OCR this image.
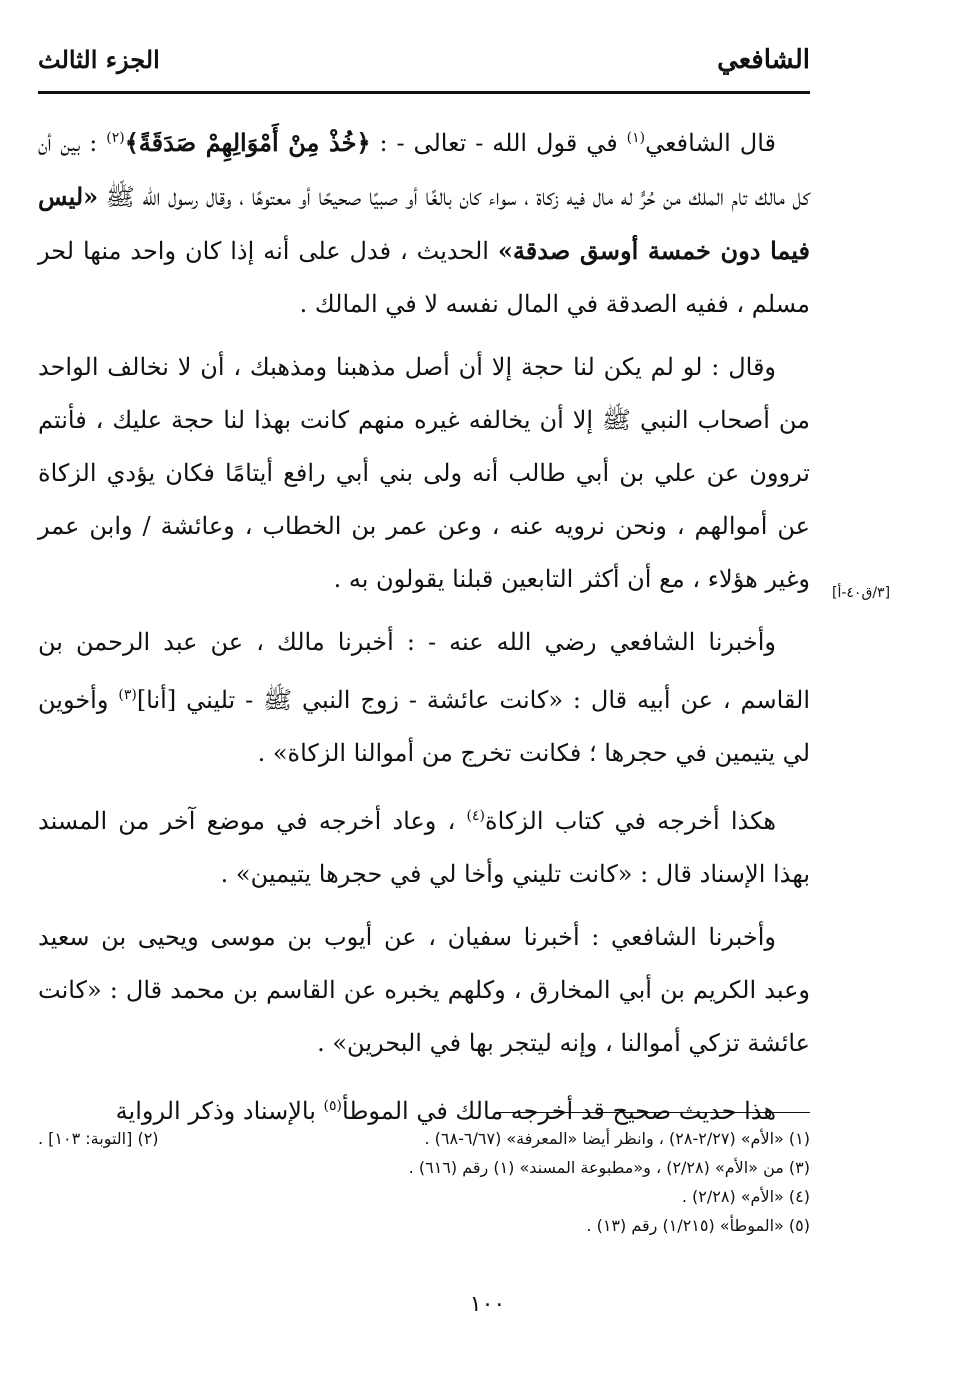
الشافعي
الجزء الثالث

قال الشافعي$^{(١)}$ في قول الله - تعالى - : ﴿خُذْ مِنْ أَمْوَالِهِمْ صَدَقَةً﴾$^{(٢)}$ : بين أن كل مالك تام الملك من حُرٍّ له مال فيه زكاة ، سواء كان بالغًا أو صبيًا صحيحًا أو معتوهًا ، وقال رسول الله ﷺ «ليس فيما دون خمسة أوسق صدقة» الحديث ، فدل على أنه إذا كان واحد منها لحر مسلم ، ففيه الصدقة في المال نفسه لا في المالك .

وقال : لو لم يكن لنا حجة إلا أن أصل مذهبنا ومذهبك ، أن لا نخالف الواحد من أصحاب النبي ﷺ إلا أن يخالفه غيره منهم كانت بهذا لنا حجة عليك ، فأنتم تروون عن علي بن أبي طالب أنه ولى بني أبي رافع أيتامًا فكان يؤدي الزكاة عن أموالهم ، ونحن نرويه عنه ، وعن عمر بن الخطاب ، وعائشة / وابن عمر وغير هؤلاء ، مع أن أكثر التابعين قبلنا يقولون به .

وأخبرنا الشافعي رضي الله عنه - : أخبرنا مالك ، عن عبد الرحمن بن القاسم ، عن أبيه قال : «كانت عائشة - زوج النبي ﷺ - تليني [أنا]$^{(٣)}$ وأخوين لي يتيمين في حجرها ؛ فكانت تخرج من أموالنا الزكاة» .

هكذا أخرجه في كتاب الزكاة$^{(٤)}$ ، وعاد أخرجه في موضع آخر من المسند بهذا الإسناد قال : «كانت تليني وأخا لي في حجرها يتيمين» .

وأخبرنا الشافعي : أخبرنا سفيان ، عن أيوب بن موسى ويحيى بن سعيد وعبد الكريم بن أبي المخارق ، وكلهم يخبره عن القاسم بن محمد قال : «كانت عائشة تزكي أموالنا ، وإنه ليتجر بها في البحرين» .

هذا حديث صحيح قد أخرجه مالك في الموطأ$^{(٥)}$ بالإسناد وذكر الرواية

[٣/ق٤٠-أ]
(١) «الأم» (٢/٢٧-٢٨) ، وانظر أيضا «المعرفة» (٦/٦٧-٦٨) .
(٢) [التوبة: ١٠٣] .
(٣) من «الأم» (٢/٢٨) ، و«مطبوعة المسند» (١) رقم (٦١٦) .
(٤) «الأم» (٢/٢٨) .
(٥) «الموطأ» (١/٢١٥) رقم (١٣) .
١٠٠
